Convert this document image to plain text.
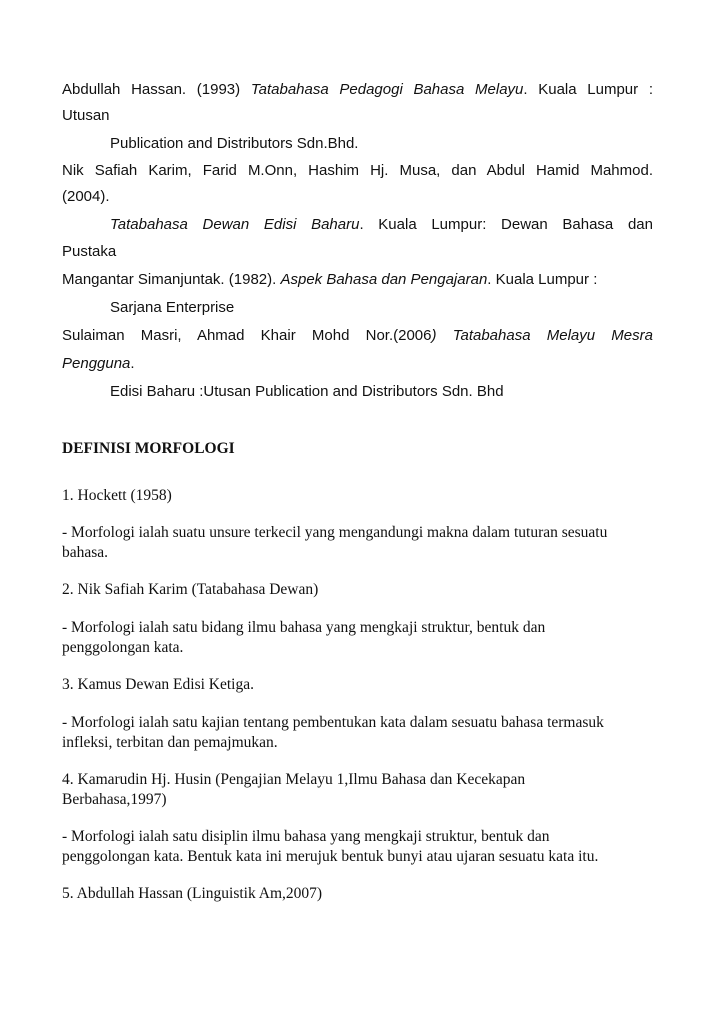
Abdullah Hassan. (1993) Tatabahasa Pedagogi Bahasa Melayu. Kuala Lumpur :
Utusan
Publication and Distributors Sdn.Bhd.
Nik Safiah Karim, Farid M.Onn, Hashim Hj. Musa, dan Abdul Hamid Mahmod.
(2004).
Tatabahasa Dewan Edisi Baharu. Kuala Lumpur: Dewan Bahasa dan
Pustaka
Mangantar Simanjuntak. (1982). Aspek Bahasa dan Pengajaran. Kuala Lumpur :
Sarjana Enterprise
Sulaiman Masri, Ahmad Khair Mohd Nor.(2006) Tatabahasa Melayu Mesra
Pengguna.
Edisi Baharu :Utusan Publication and Distributors Sdn. Bhd
DEFINISI MORFOLOGI
1. Hockett (1958)
- Morfologi ialah suatu unsure terkecil yang mengandungi makna dalam tuturan sesuatu
bahasa.
2. Nik Safiah Karim (Tatabahasa Dewan)
- Morfologi ialah satu bidang ilmu bahasa yang mengkaji struktur, bentuk dan
penggolongan kata.
3. Kamus Dewan Edisi Ketiga.
- Morfologi ialah satu kajian tentang pembentukan kata dalam sesuatu bahasa termasuk
infleksi, terbitan dan pemajmukan.
4. Kamarudin Hj. Husin (Pengajian Melayu 1,Ilmu Bahasa dan Kecekapan
Berbahasa,1997)
- Morfologi ialah satu disiplin ilmu bahasa yang mengkaji struktur, bentuk dan
penggolongan kata. Bentuk kata ini merujuk bentuk bunyi atau ujaran sesuatu kata itu.
5. Abdullah Hassan (Linguistik Am,2007)
